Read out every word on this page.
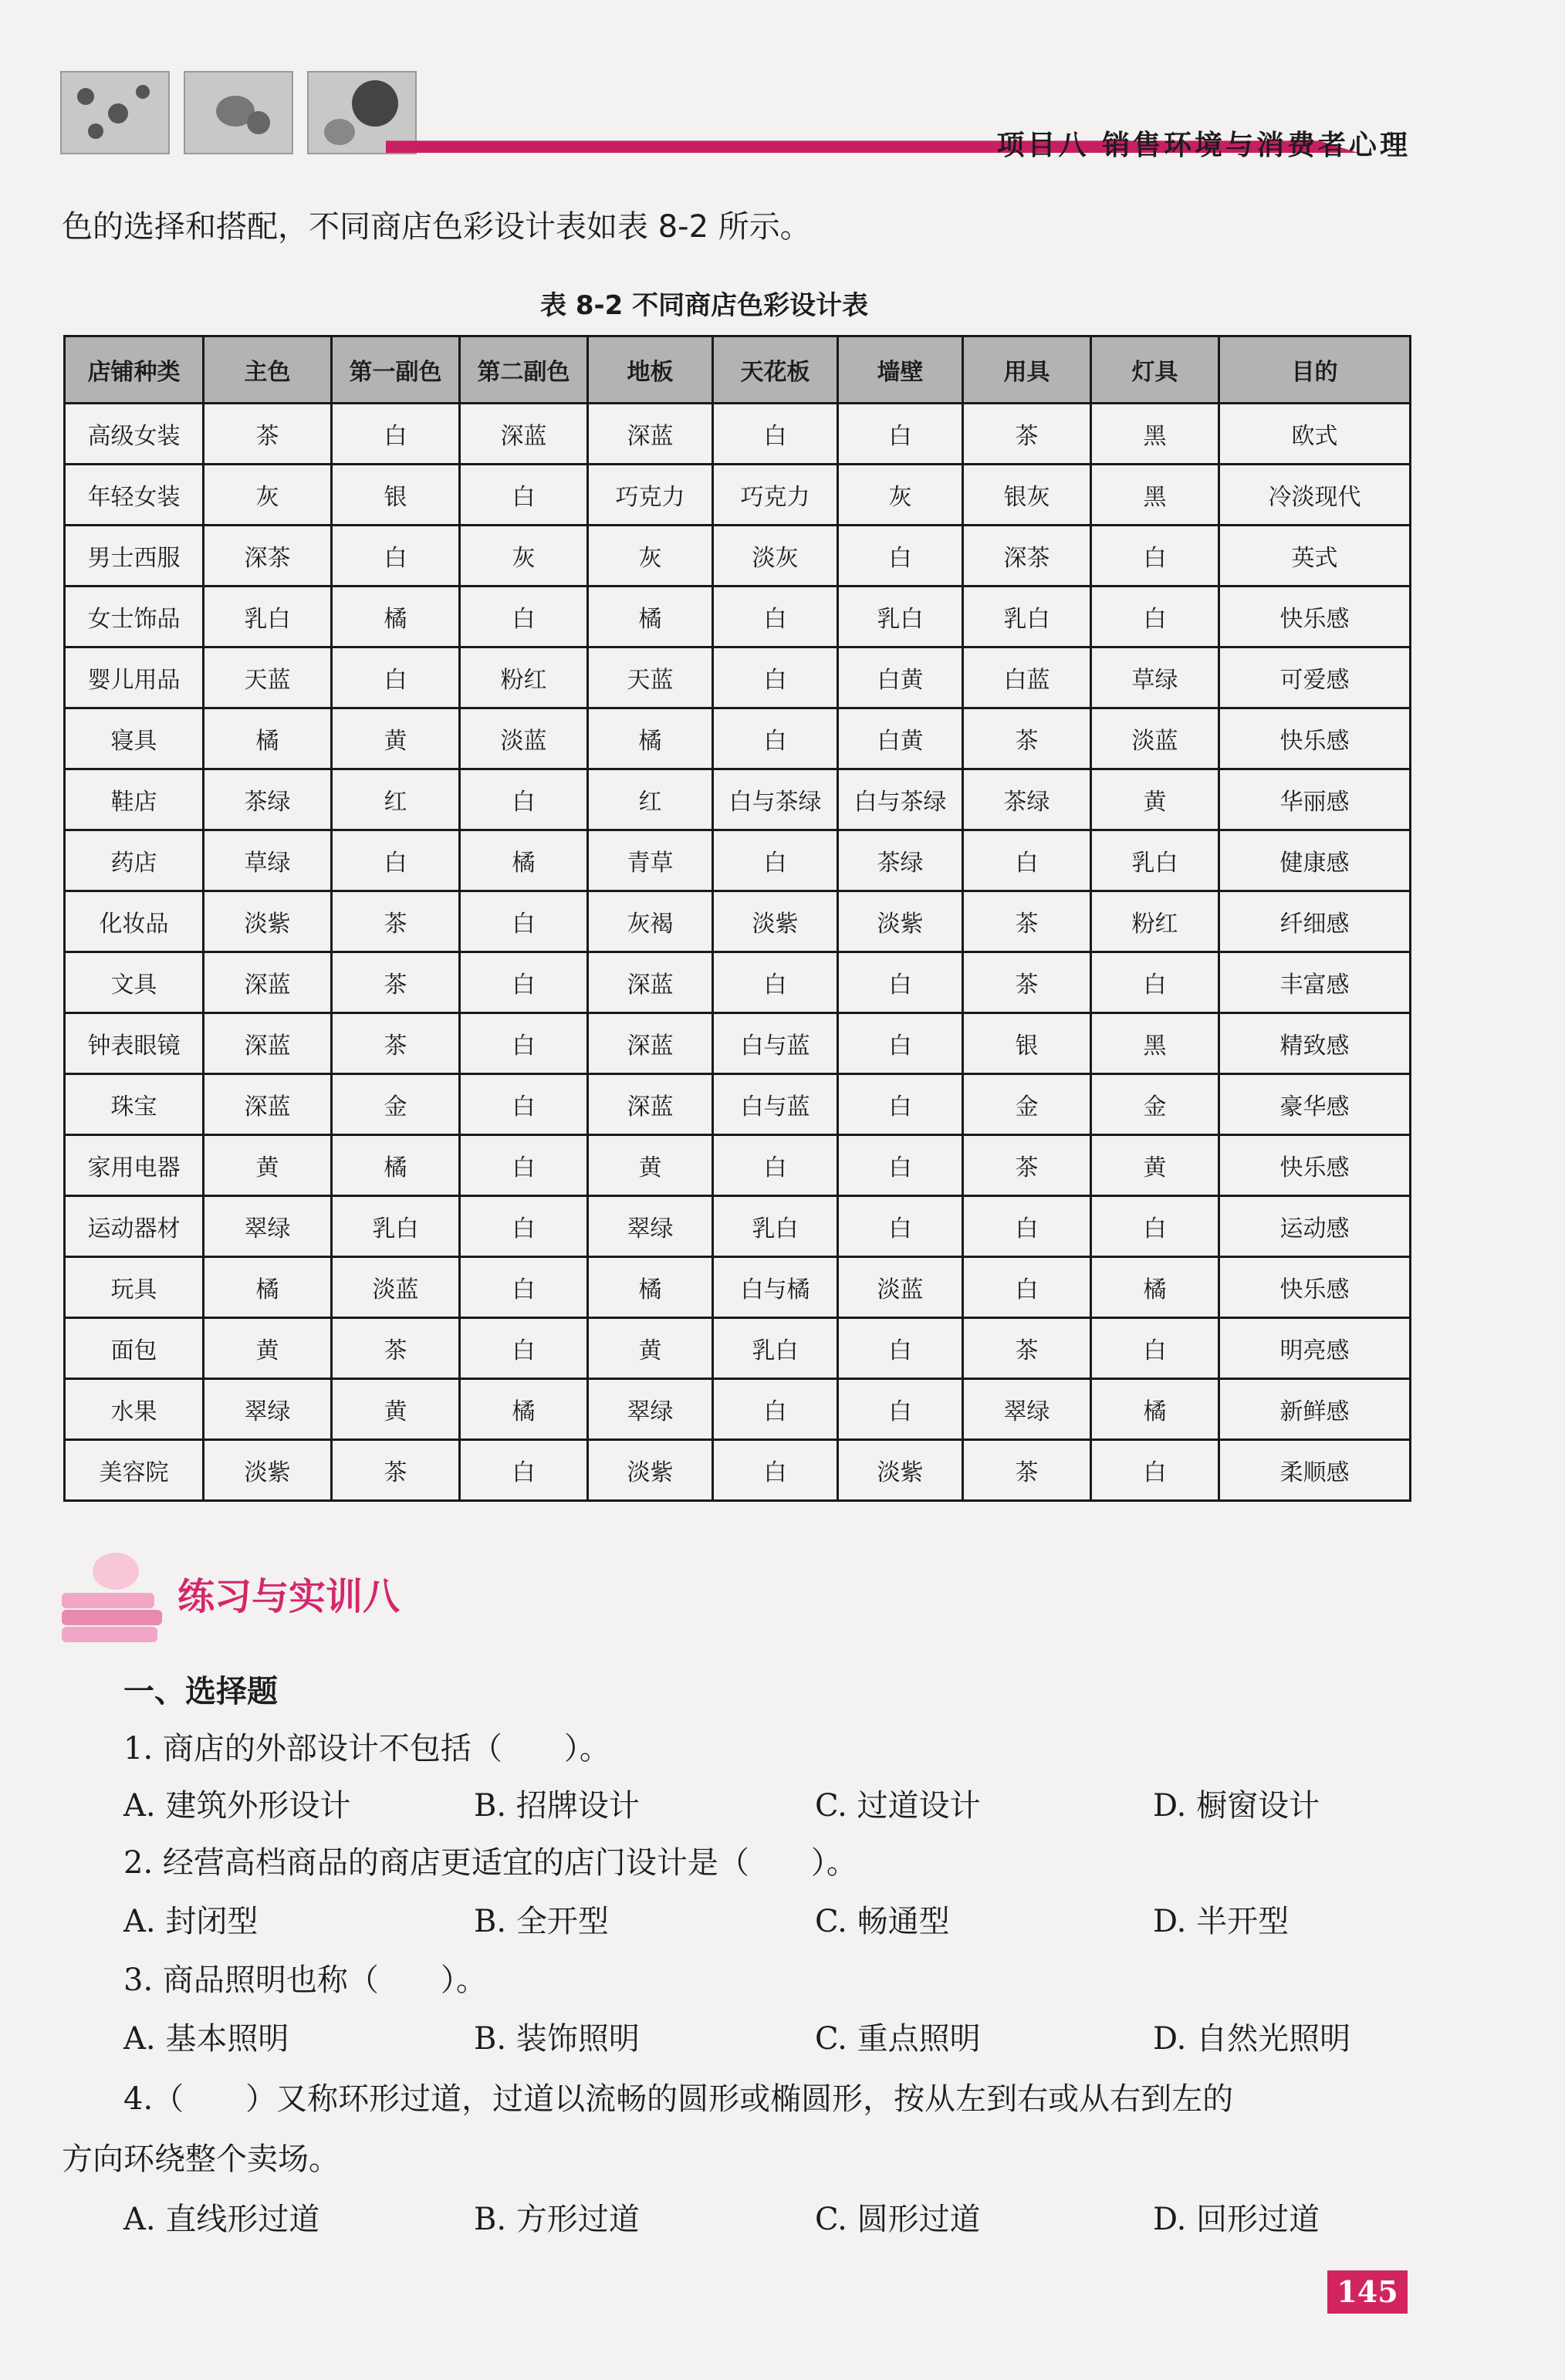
项目八 销售环境与消费者心理
色的选择和搭配，不同商店色彩设计表如表 8-2 所示。
表 8-2 不同商店色彩设计表
店铺种类	主色	第一副色	第二副色	地板	天花板	墙壁	用具	灯具	目的
高级女装	茶	白	深蓝	深蓝	白	白	茶	黑	欧式
年轻女装	灰	银	白	巧克力	巧克力	灰	银灰	黑	冷淡现代
男士西服	深茶	白	灰	灰	淡灰	白	深茶	白	英式
女士饰品	乳白	橘	白	橘	白	乳白	乳白	白	快乐感
婴儿用品	天蓝	白	粉红	天蓝	白	白黄	白蓝	草绿	可爱感
寝具	橘	黄	淡蓝	橘	白	白黄	茶	淡蓝	快乐感
鞋店	茶绿	红	白	红	白与茶绿	白与茶绿	茶绿	黄	华丽感
药店	草绿	白	橘	青草	白	茶绿	白	乳白	健康感
化妆品	淡紫	茶	白	灰褐	淡紫	淡紫	茶	粉红	纤细感
文具	深蓝	茶	白	深蓝	白	白	茶	白	丰富感
钟表眼镜	深蓝	茶	白	深蓝	白与蓝	白	银	黑	精致感
珠宝	深蓝	金	白	深蓝	白与蓝	白	金	金	豪华感
家用电器	黄	橘	白	黄	白	白	茶	黄	快乐感
运动器材	翠绿	乳白	白	翠绿	乳白	白	白	白	运动感
玩具	橘	淡蓝	白	橘	白与橘	淡蓝	白	橘	快乐感
面包	黄	茶	白	黄	乳白	白	茶	白	明亮感
水果	翠绿	黄	橘	翠绿	白	白	翠绿	橘	新鲜感
美容院	淡紫	茶	白	淡紫	白	淡紫	茶	白	柔顺感
练习与实训八
一、选择题
1. 商店的外部设计不包括（　　）。
A. 建筑外形设计	B. 招牌设计	C. 过道设计	D. 橱窗设计
2. 经营高档商品的商店更适宜的店门设计是（　　）。
A. 封闭型	B. 全开型	C. 畅通型	D. 半开型
3. 商品照明也称（　　）。
A. 基本照明	B. 装饰照明	C. 重点照明	D. 自然光照明
4.（　　）又称环形过道，过道以流畅的圆形或椭圆形，按从左到右或从右到左的
方向环绕整个卖场。
A. 直线形过道	B. 方形过道	C. 圆形过道	D. 回形过道
145
